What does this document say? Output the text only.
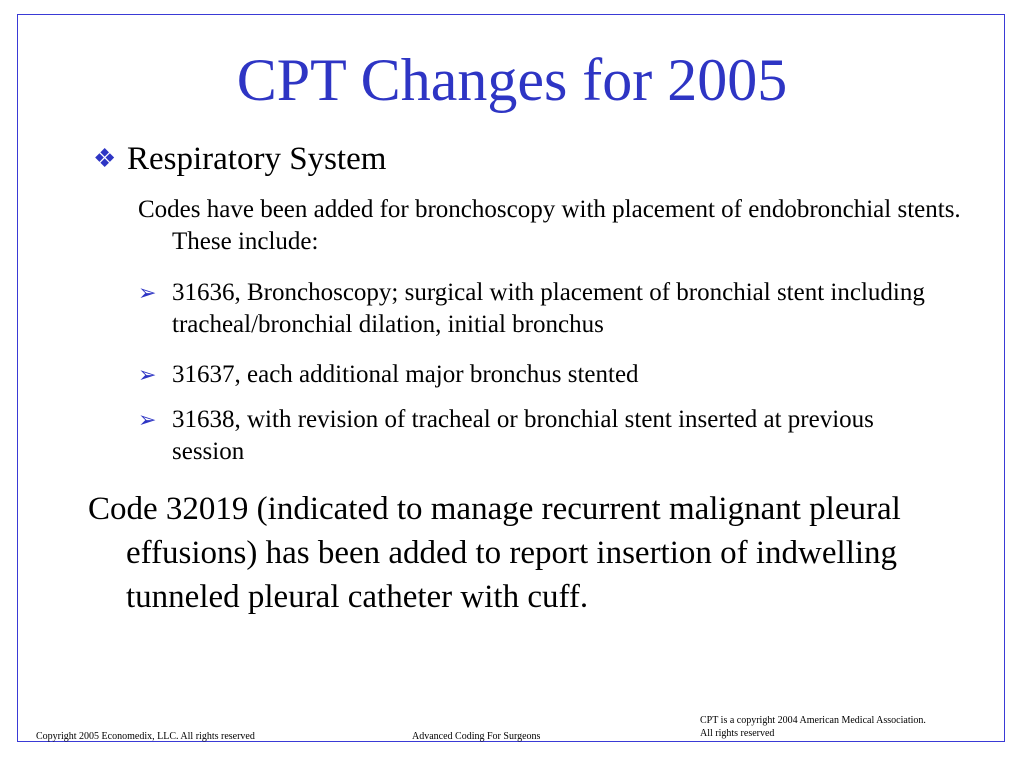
CPT Changes for 2005
❖ Respiratory System
Codes have been added for bronchoscopy with placement of endobronchial stents. These include:
➢ 31636, Bronchoscopy; surgical with placement of bronchial stent including tracheal/bronchial dilation, initial bronchus
➢ 31637, each additional major bronchus stented
➢ 31638, with revision of tracheal or bronchial stent inserted at previous session
Code 32019 (indicated to manage recurrent malignant pleural effusions) has been added to report insertion of indwelling tunneled pleural catheter with cuff.
Copyright 2005 Economedix, LLC. All rights reserved	Advanced Coding For Surgeons
CPT is a copyright 2004 American Medical Association.
All rights reserved
